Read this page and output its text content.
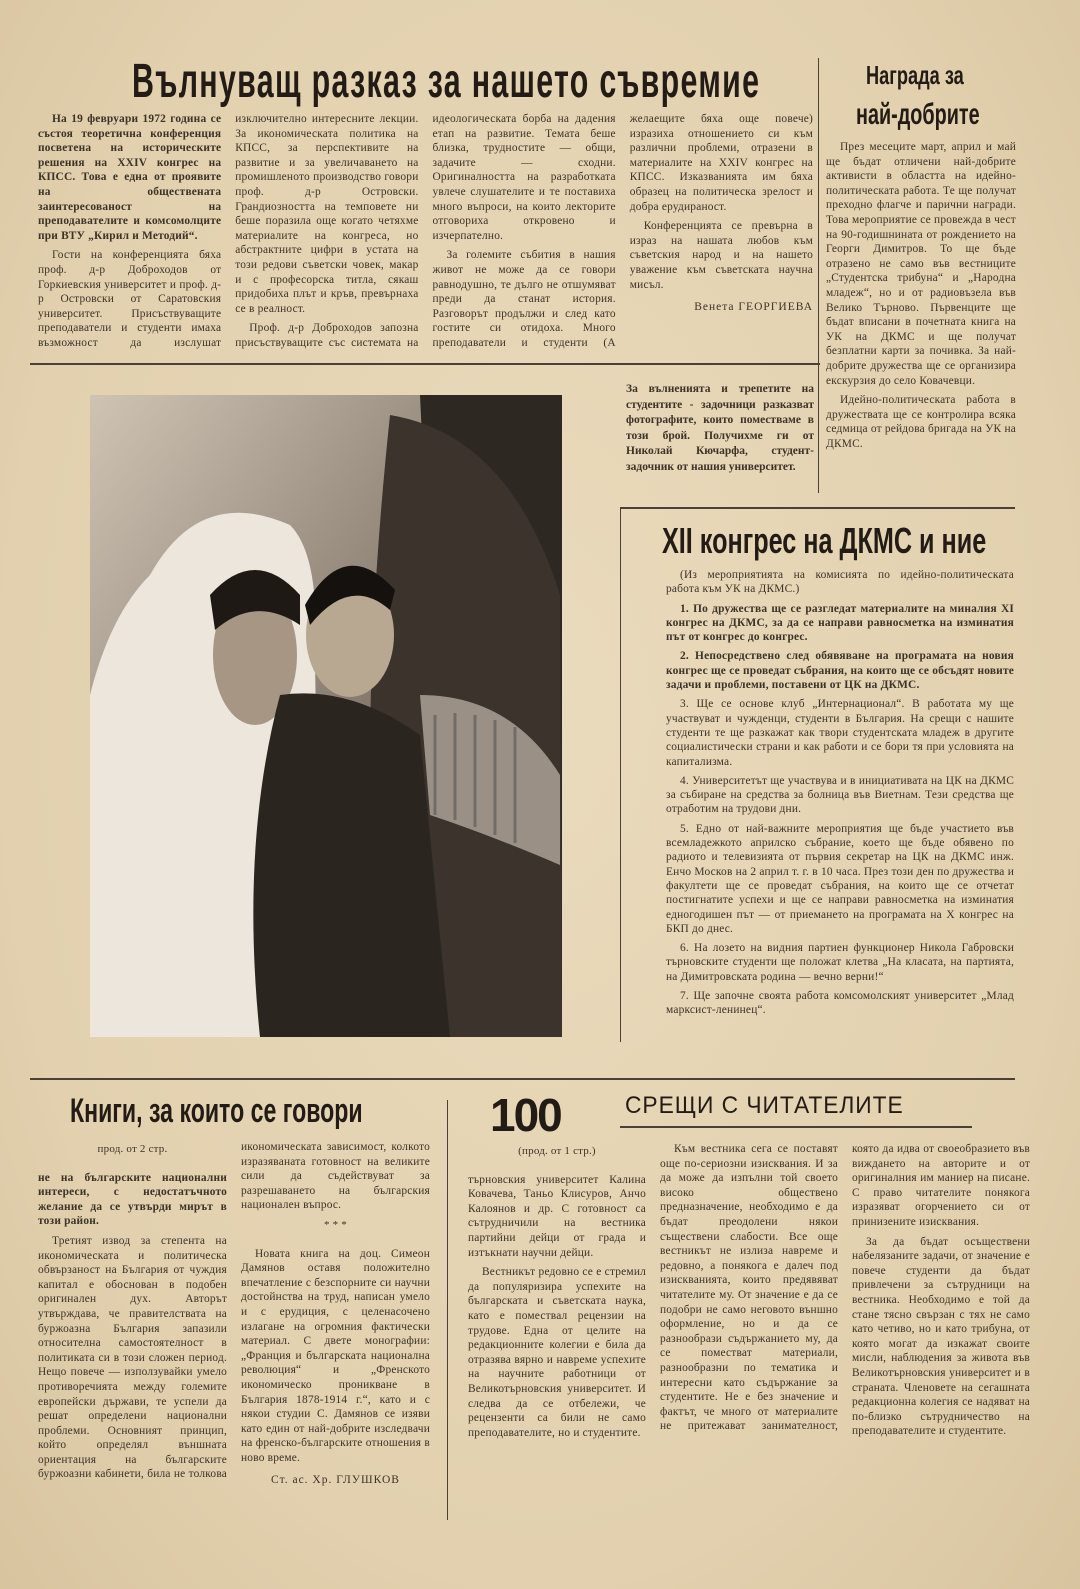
Вълнуващ разказ за нашето съвремие

На 19 февруари 1972 година се състоя теоретична конференция посветена на историческите решения на XXIV конгрес на КПСС. Това е една от проявите на обществената заинтересованост на преподавателите и комсомолците при ВТУ „Кирил и Методий“.

Гости на конференцията бяха проф. д-р Доброходов от Горкиевския университет и проф. д-р Островски от Саратовския университет. Присъствуващите преподаватели и студенти имаха възможност да изслушат изключително интересните лекции. За икономическата политика на КПСС, за перспективите на развитие и за увеличаването на промишленото производство говори проф. д-р Островски. Грандиозността на темповете ни беше поразила още когато четяхме материалите на конгреса, но абстрактните цифри в устата на този редови съветски човек, макар и с професорска титла, сякаш придобиха плът и кръв, превърнаха се в реалност.

Проф. д-р Доброходов запозна присъствуващите със системата на идеологическата борба на дадения етап на развитие. Темата беше близка, трудностите — общи, задачите — сходни. Оригиналността на разработката увлече слушателите и те поставиха много въпроси, на които лекторите отговориха откровено и изчерпателно.

За големите събития в нашия живот не може да се говори равнодушно, те дълго не отшумяват преди да станат история. Разговорът продължи и след като гостите си отидоха. Много преподаватели и студенти (А желаещите бяха още повече) изразиха отношението си към различни проблеми, отразени в материалите на XXIV конгрес на КПСС. Изказванията им бяха образец на политическа зрелост и добра ерудираност.

Конференцията се превърна в израз на нашата любов към съветския народ и на нашето уважение към съветската научна мисъл.

Венета ГЕОРГИЕВА
Награда за
най-добрите

През месеците март, април и май ще бъдат отличени най-добрите активисти в областта на идейно-политическата работа. Те ще получат преходно флагче и парични награди. Това мероприятие се провежда в чест на 90-годишнината от рождението на Георги Димитров. То ще бъде отразено не само във вестниците „Студентска трибуна“ и „Народна младеж“, но и от радиовъзела във Велико Търново. Първенците ще бъдат вписани в почетната книга на УК на ДКМС и ще получат безплатни карти за почивка. За най-добрите дружества ще се организира екскурзия до село Ковачевци.

Идейно-политическата работа в дружествата ще се контролира всяка седмица от рейдова бригада на УК на ДКМС.

За вълненията и трепетите на студентите - задочници разказват фотографите, които поместваме в този брой. Получихме ги от Николай Кючарфа, студент-задочник от нашия университет.
XII конгрес на ДКМС и ние

(Из мероприятията на комисията по идейно-политическата работа към УК на ДКМС.)

1. По дружества ще се разгледат материалите на миналия XI конгрес на ДКМС, за да се направи равносметка на изминатия път от конгрес до конгрес.

2. Непосредствено след обявяване на програмата на новия конгрес ще се проведат събрания, на които ще се обсъдят новите задачи и проблеми, поставени от ЦК на ДКМС.

3. Ще се основе клуб „Интернационал“. В работата му ще участвуват и чужденци, студенти в България. На срещи с нашите студенти те ще разкажат как твори студентската младеж в другите социалистически страни и как работи и се бори тя при условията на капитализма.

4. Университетът ще участвува и в инициативата на ЦК на ДКМС за събиране на средства за болница във Виетнам. Тези средства ще отработим на трудови дни.

5. Едно от най-важните мероприятия ще бъде участието във всемладежкото априлско събрание, което ще бъде обявено по радиото и телевизията от първия секретар на ЦК на ДКМС инж. Енчо Москов на 2 април т. г. в 10 часа. През този ден по дружества и факултети ще се проведат събрания, на които ще се отчетат постигнатите успехи и ще се направи равносметка на изминатия едногодишен път — от приемането на програмата на X конгрес на БКП до днес.

6. На лозето на видния партиен функционер Никола Габровски търновските студенти ще положат клетва „На класата, на партията, на Димитровската родина — вечно верни!“

7. Ще започне своята работа комсомолският университет „Млад марксист-ленинец“.

Книги, за които се говори
прод. от 2 стр.

не на българските национални интереси, с недостатъчното желание да се утвърди мирът в този район.

Третият извод за степента на икономическата и политическа обвързаност на България от чуждия капитал е обоснован в подобен оригинален дух. Авторът утвърждава, че правителствата на буржоазна България запазили относителна самостоятелност в политиката си в този сложен период. Нещо повече — използувайки умело противоречията между големите европейски държави, те успели да решат определени национални проблеми. Основният принцип, който определял външната ориентация на българските буржоазни кабинети, била не толкова икономическата зависимост, колкото изразяваната готовност на великите сили да съдействуват за разрешаването на българския национален въпрос.

* * *

Новата книга на доц. Симеон Дамянов оставя положително впечатление с безспорните си научни достойнства на труд, написан умело и с ерудиция, с целенасочено излагане на огромния фактически материал. С двете монографии: „Франция и българската национална революция“ и „Френското икономическо проникване в България 1878-1914 г.“, като и с някои студии С. Дамянов се изяви като един от най-добрите изследвачи на френско-българските отношения в ново време.

Ст. ас. Хр. ГЛУШКОВ
100	СРЕЩИ С ЧИТАТЕЛИТЕ
(прод. от 1 стр.)

търновския университет Калина Ковачева, Таньо Клисуров, Анчо Калоянов и др. С готовност са сътрудничили на вестника партийни дейци от града и изтъкнати научни дейци.

Вестникът редовно се е стремил да популяризира успехите на българската и съветската наука, като е помествал рецензии на трудове. Една от целите на редакционните колегии е била да отразява вярно и навреме успехите на научните работници от Великотърновския университет. И следва да се отбележи, че рецензенти са били не само преподавателите, но и студентите.

Към вестника сега се поставят още по-сериозни изисквания. И за да може да изпълни той своето високо обществено предназначение, необходимо е да бъдат преодолени някои съществени слабости. Все още вестникът не излиза навреме и редовно, а понякога е далеч под изискванията, които предявяват читателите му. От значение е да се подобри не само неговото външно оформление, но и да се разнообрази съдържанието му, да се поместват материали, разнообразни по тематика и интересни като съдържание за студентите. Не е без значение и фактът, че много от материалите не притежават занимателност, която да идва от своеобразието във виждането на авторите и от оригиналния им маниер на писане. С право читателите понякога изразяват огорчението си от принизените изисквания.

За да бъдат осъществени набелязаните задачи, от значение е повече студенти да бъдат привлечени за сътрудници на вестника. Необходимо е той да стане тясно свързан с тях не само като четиво, но и като трибуна, от която могат да изкажат своите мисли, наблюдения за живота във Великотърновския университет и в страната. Членовете на сегашната редакционна колегия се надяват на по-близко сътрудничество на преподавателите и студентите.
